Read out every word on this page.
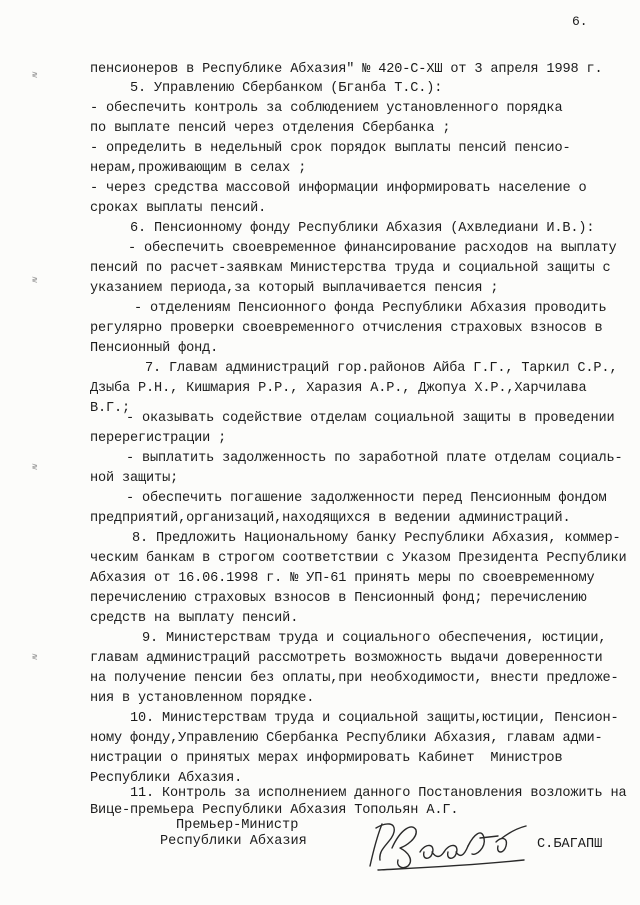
6.
≷
≷
≷
≷
пенсионеров в Республике Абхазия" № 420-С-ХШ от 3 апреля 1998 г.
5. Управлению Сбербанком (Бганба Т.С.):
- обеспечить контроль за соблюдением установленного порядка
по выплате пенсий через отделения Сбербанка ;
- определить в недельный срок порядок выплаты пенсий пенсио-
нерам,проживающим в селах ;
- через средства массовой информации информировать население о
сроках выплаты пенсий.
6. Пенсионному фонду Республики Абхазия (Ахвледиани И.В.):
- обеспечить своевременное финансирование расходов на выплату
пенсий по расчет-заявкам Министерства труда и социальной защиты с
указанием периода,за который выплачивается пенсия ;
- отделениям Пенсионного фонда Республики Абхазия проводить
регулярно проверки своевременного отчисления страховых взносов в
Пенсионный фонд.
7. Главам администраций гор.районов Айба Г.Г., Таркил С.Р.,
Дзыба Р.Н., Кишмария Р.Р., Харазия А.Р., Джопуа Х.Р.,Харчилава
В.Г.;
- оказывать содействие отделам социальной защиты в проведении
перерегистрации ;
- выплатить задолженность по заработной плате отделам социаль-
ной защиты;
- обеспечить погашение задолженности перед Пенсионным фондом
предприятий,организаций,находящихся в ведении администраций.
8. Предложить Национальному банку Республики Абхазия, коммер-
ческим банкам в строгом соответствии с Указом Президента Республики
Абхазия от 16.06.1998 г. № УП-61 принять меры по своевременному
перечислению страховых взносов в Пенсионный фонд; перечислению
средств на выплату пенсий.
9. Министерствам труда и социального обеспечения, юстиции,
главам администраций рассмотреть возможность выдачи доверенности
на получение пенсии без оплаты,при необходимости, внести предложе-
ния в установленном порядке.
10. Министерствам труда и социальной защиты,юстиции, Пенсион-
ному фонду,Управлению Сбербанка Республики Абхазия, главам адми-
нистрации о принятых мерах информировать Кабинет  Министров
Республики Абхазия.
11. Контроль за исполнением данного Постановления возложить на
Вице-премьера Республики Абхазия Топольян А.Г.
Премьер-Министр
Республики Абхазия	С.БАГАПШ
